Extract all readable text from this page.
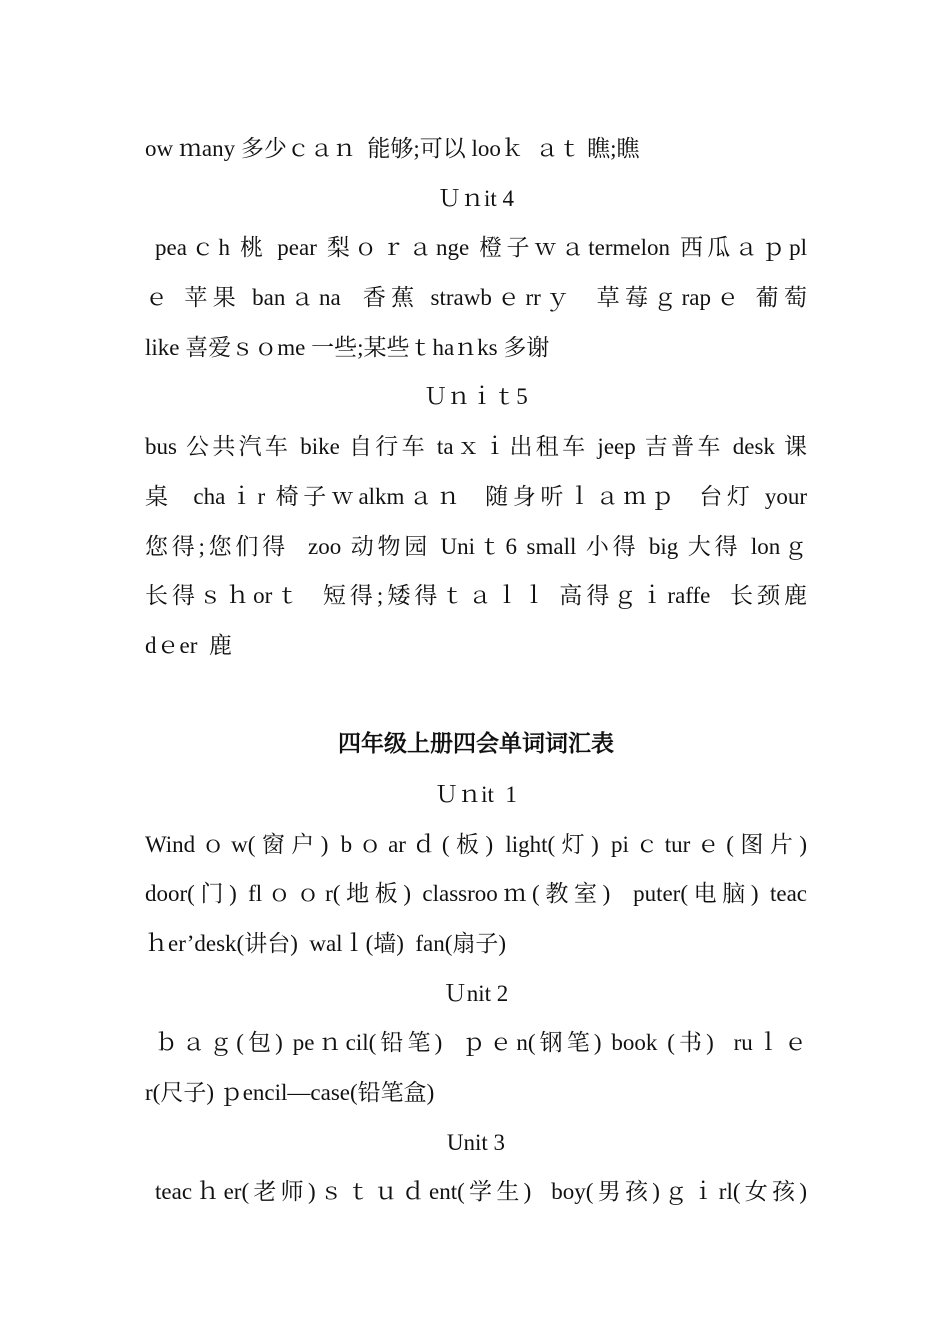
ow ｍany 多少ｃａｎ  能够;可以 looｋ  ａｔ 瞧;瞧

Ｕｎit 4

peaｃh 桃 pear 梨ｏｒａnge 橙子ｗａtermelon 西瓜ａｐpl

ｅ 苹果 banａna  香蕉 strawbｅrrｙ  草莓ｇrapｅ 葡萄

like 喜爱ｓｏme 一些;某些ｔhaｎks 多谢

Ｕｎｉｔ5

bus 公共汽车 bike 自行车 taｘｉ出租车 jeep 吉普车 desk 课

桌  chaｉr 椅子ｗalkmａｎ  随身听ｌａｍｐ  台灯 your

您得;您们得  zoo 动物园 Uniｔ6 small 小得 big 大得 lonｇ

长得ｓｈorｔ  短得;矮得ｔａｌｌ 高得ｇｉraffe  长颈鹿

dｅer  鹿

四年级上册四会单词词汇表

Ｕｎit  1

Windｏw(窗户) bｏarｄ(板) light(灯) piｃturｅ(图片)

door(门) flｏｏr(地板) classrooｍ(教室)  puter(电脑) teac

ｈer’desk(讲台)  walｌ(墙)  fan(扇子)

Ｕnit 2

ｂａｇ(包) peｎcil(铅笔)  ｐｅn(钢笔) book (书)  ruｌｅ

r(尺子) ｐencil—case(铅笔盒)

Unit 3

teacｈer(老师)ｓｔｕｄent(学生)  boy(男孩)ｇｉrl(女孩)
